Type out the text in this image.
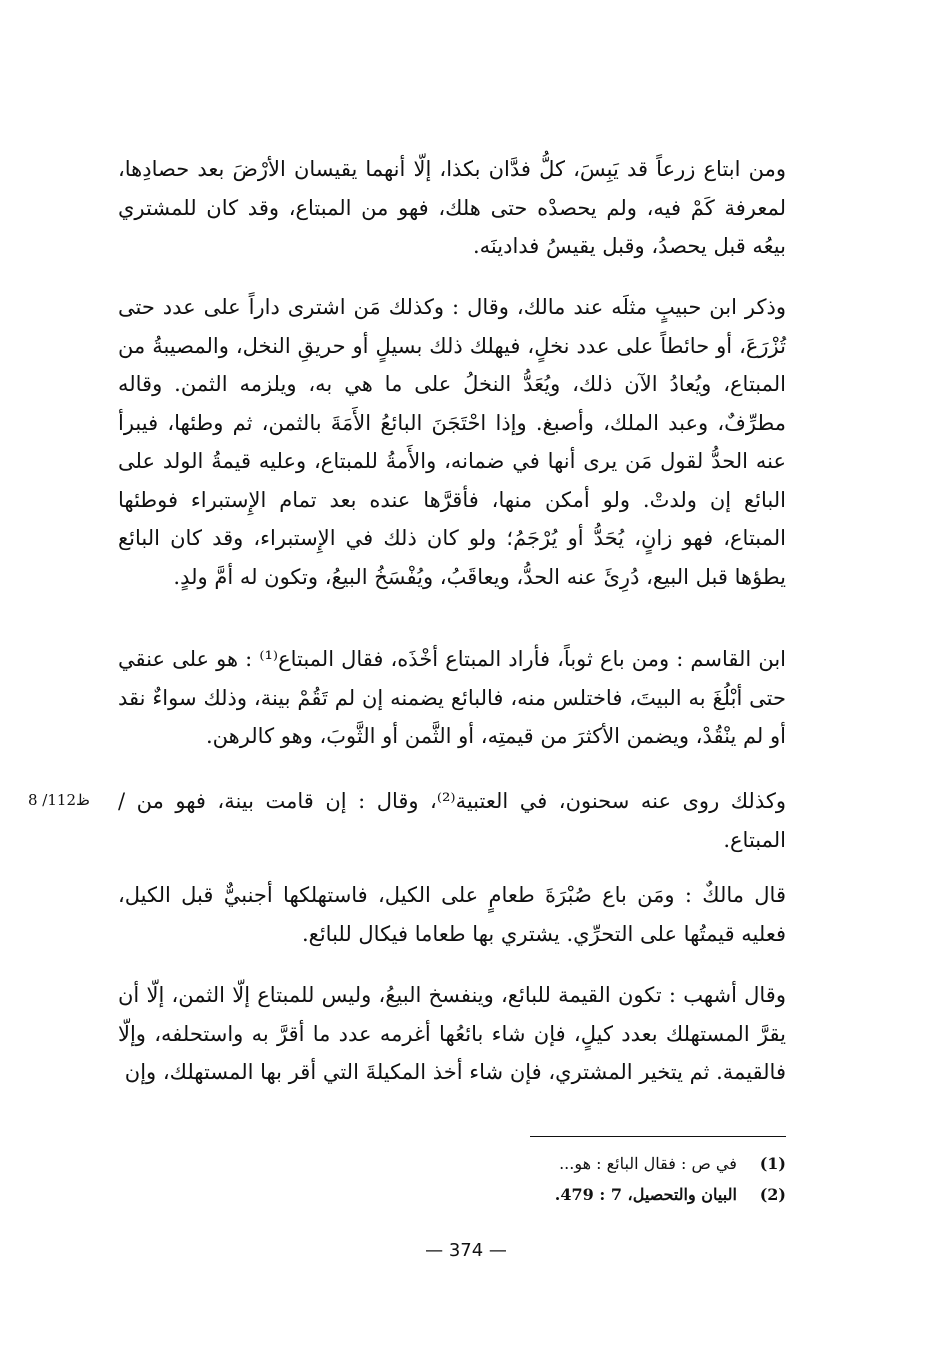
ومن ابتاع زرعاً قد يَبِسَ، كلُّ فدَّان بكذا، إلّا أنهما يقيسان الأرْضَ بعد حصادِها، لمعرفة كَمْ فيه، ولم يحصدْه حتى هلك، فهو من المبتاع، وقد كان للمشتري بيعُه قبل يحصدُ، وقبل يقيسُ فدادينَه.

وذكر ابن حبيبٍ مثلَه عند مالك، وقال : وكذلك مَن اشترى داراً على عدد حتى تُزْرَعَ، أو حائطاً على عدد نخلٍ، فيهلك ذلك بسيلٍ أو حريقِ النخل، والمصيبةُ من المبتاع، ويُعادُ الآن ذلك، ويُعَدُّ النخلُ على ما هي به، ويلزمه الثمن. وقاله مطرِّفٌ، وعبد الملك، وأصبغ. وإذا احْتَجَنَ البائعُ الأَمَةَ بالثمن، ثم وطئها، فيبرأ عنه الحدُّ لقول مَن يرى أنها في ضمانه، والأَمةُ للمبتاع، وعليه قيمةُ الولد على البائع إن ولدتْ. ولو أمكن منها، فأقرَّها عنده بعد تمام الإِستبراء فوطئها المبتاع، فهو زانٍ، يُحَدُّ أو يُرْجَمُ؛ ولو كان ذلك في الإِستبراء، وقد كان البائع يطؤها قبل البيع، دُرِئَ عنه الحدُّ، ويعاقَبُ، ويُفْسَخُ البيعُ، وتكون له أمَّ ولدٍ.

ابن القاسم : ومن باع ثوباً، فأراد المبتاع أخْذَه، فقال المبتاع⁽¹⁾ : هو على عنقي حتى أبْلُغَ به البيتَ، فاختلس منه، فالبائع يضمنه إن لم تَقُمْ بينة، وذلك سواءٌ نقد أو لم ينْقُدْ، ويضمن الأكثرَ من قيمتِه، أو الثَّمن أو الثَّوبَ، وهو كالرهن.

وكذلك روى عنه سحنون، في العتبية⁽²⁾، وقال : إن قامت بينة، فهو من / المبتاع.

قال مالكٌ : ومَن باع صُبْرَةَ طعامٍ على الكيل، فاستهلكها أجنبيٌّ قبل الكيل، فعليه قيمتُها على التحرِّي. يشتري بها طعاما فيكال للبائع.

وقال أشهب : تكون القيمة للبائع، وينفسخ البيعُ، وليس للمبتاع إلّا الثمن، إلّا أن يقرَّ المستهلك بعدد كيلٍ، فإن شاء بائعُها أغرمه عدد ما أقرَّ به واستحلفه، وإلّا فالقيمة. ثم يتخير المشتري، فإن شاء أخذ المكيلةَ التي أقر بها المستهلك، وإن

8 /112ظ

(1) في ص : فقال البائع : هو...

(2) البيان والتحصيل، 7 : 479.

— 374 —
